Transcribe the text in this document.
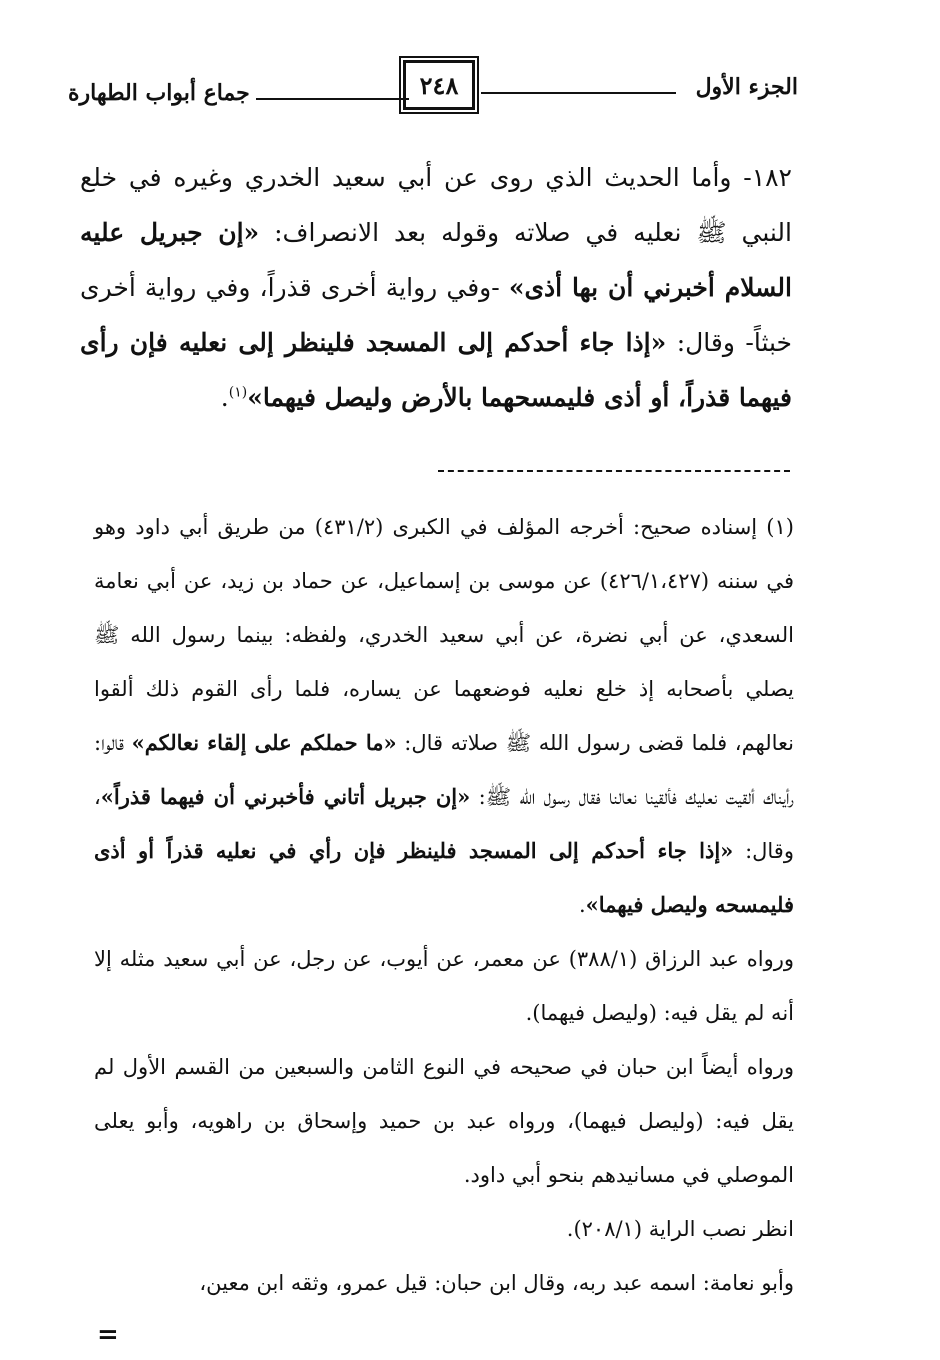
الجزء الأول
٢٤٨
جماع أبواب الطهارة

١٨٢- وأما الحديث الذي روى عن أبي سعيد الخدري وغيره في خلع النبي ﷺ نعليه في صلاته وقوله بعد الانصراف: «إن جبريل عليه السلام أخبرني أن بها أذى» -وفي رواية أخرى قذراً، وفي رواية أخرى خبثاً- وقال: «إذا جاء أحدكم إلى المسجد فلينظر إلى نعليه فإن رأى فيهما قذراً، أو أذى فليمسحهما بالأرض وليصل فيهما»$^{(١)}$.

(١) إسناده صحيح: أخرجه المؤلف في الكبرى (٤٣١/٢) من طريق أبي داود وهو في سننه (٤٢٦/١،٤٢٧) عن موسى بن إسماعيل، عن حماد بن زيد، عن أبي نعامة السعدي، عن أبي نضرة، عن أبي سعيد الخدري، ولفظه: بينما رسول الله ﷺ يصلي بأصحابه إذ خلع نعليه فوضعهما عن يساره، فلما رأى القوم ذلك ألقوا نعالهم، فلما قضى رسول الله ﷺ صلاته قال: «ما حملكم على إلقاء نعالكم» قالوا: رأيناك ألقيت نعليك فألقينا نعالنا فقال رسول الله ﷺ: «إن جبريل أتاني فأخبرني أن فيهما قذراً»، وقال: «إذا جاء أحدكم إلى المسجد فلينظر فإن رأي في نعليه قذراً أو أذى فليمسحه وليصل فيهما».

ورواه عبد الرزاق (٣٨٨/١) عن معمر، عن أيوب، عن رجل، عن أبي سعيد مثله إلا أنه لم يقل فيه: (وليصل فيهما).

ورواه أيضاً ابن حبان في صحيحه في النوع الثامن والسبعين من القسم الأول لم يقل فيه: (وليصل فيهما)، ورواه عبد بن حميد وإسحاق بن راهويه، وأبو يعلى الموصلي في مسانيدهم بنحو أبي داود.

انظر نصب الراية (٢٠٨/١).

وأبو نعامة: اسمه عبد ربه، وقال ابن حبان: قيل عمرو، وثقه ابن معين،

=
